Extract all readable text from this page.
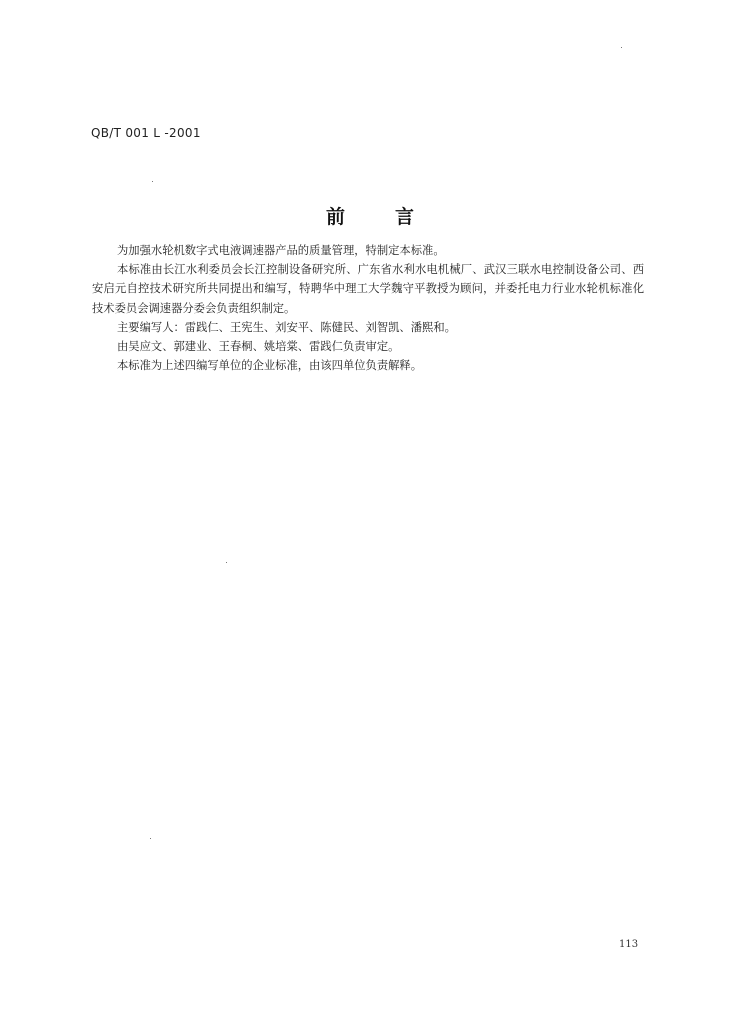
QB/T 001 L -2001
前	言

为加强水轮机数字式电液调速器产品的质量管理，特制定本标准。

本标准由长江水利委员会长江控制设备研究所、广东省水利水电机械厂、武汉三联水电控制设备公司、西安启元自控技术研究所共同提出和编写，特聘华中理工大学魏守平教授为顾问，并委托电力行业水轮机标准化技术委员会调速器分委会负责组织制定。

主要编写人：雷践仁、王宪生、刘安平、陈健民、刘智凯、潘熙和。

由吴应文、郭建业、王春桐、姚培棠、雷践仁负责审定。

本标准为上述四编写单位的企业标准，由该四单位负责解释。

113
